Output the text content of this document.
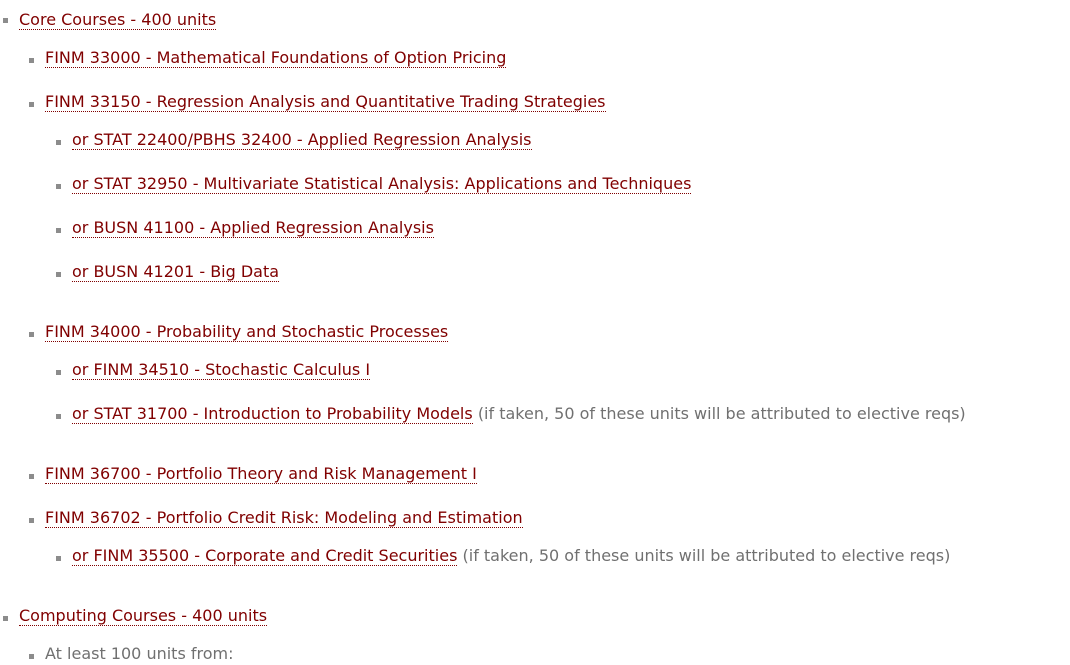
Core Courses - 400 units
FINM 33000 - Mathematical Foundations of Option Pricing
FINM 33150 - Regression Analysis and Quantitative Trading Strategies
or STAT 22400/PBHS 32400 - Applied Regression Analysis
or STAT 32950 - Multivariate Statistical Analysis: Applications and Techniques
or BUSN 41100 - Applied Regression Analysis
or BUSN 41201 - Big Data
FINM 34000 - Probability and Stochastic Processes
or FINM 34510 - Stochastic Calculus I
or STAT 31700 - Introduction to Probability Models (if taken, 50 of these units will be attributed to elective reqs)
FINM 36700 - Portfolio Theory and Risk Management I
FINM 36702 - Portfolio Credit Risk: Modeling and Estimation
or FINM 35500 - Corporate and Credit Securities (if taken, 50 of these units will be attributed to elective reqs)
Computing Courses - 400 units
At least 100 units from:
